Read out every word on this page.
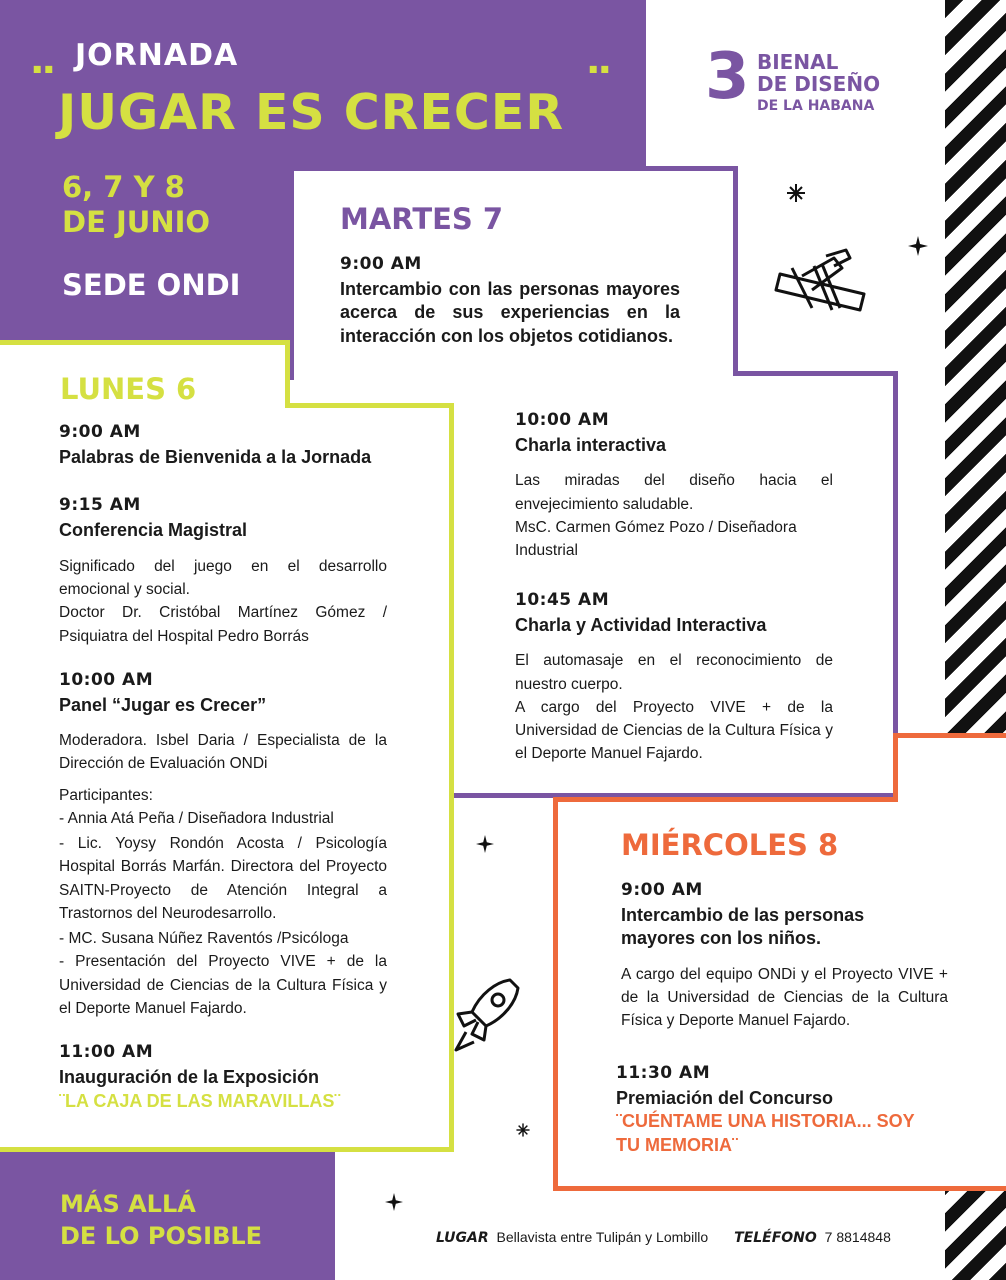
JORNADA
¨ JUGAR ES CRECER ¨
6, 7 Y 8
DE JUNIO
SEDE ONDI
3 BIENAL
DE DISEÑO
DE LA HABANA
MARTES 7

9:00 AM

Intercambio con las personas mayores acerca de sus experiencias en la interacción con los objetos cotidianos.

10:00 AM

Charla interactiva

Las miradas del diseño hacia el envejecimiento saludable.

MsC. Carmen Gómez Pozo / Diseñadora Industrial

10:45 AM

Charla y Actividad Interactiva

El automasaje en el reconocimiento de nuestro cuerpo.

A cargo del Proyecto VIVE + de la Universidad de Ciencias de la Cultura Física y el Deporte Manuel Fajardo.

LUNES 6

9:00 AM

Palabras de Bienvenida a la Jornada

9:15 AM

Conferencia Magistral

Significado del juego en el desarrollo emocional y social.

Doctor Dr. Cristóbal Martínez Gómez / Psiquiatra del Hospital Pedro Borrás

10:00 AM

Panel “Jugar es Crecer”

Moderadora. Isbel Daria / Especialista de la Dirección de Evaluación ONDi

Participantes:

- Annia Atá Peña / Diseñadora Industrial

- Lic. Yoysy Rondón Acosta / Psicología Hospital Borrás Marfán. Directora del Proyecto SAITN-Proyecto de Atención Integral a Trastornos del Neurodesarrollo.

- MC. Susana Núñez Raventós /Psicóloga

- Presentación del Proyecto VIVE + de la Universidad de Ciencias de la Cultura Física y el Deporte Manuel Fajardo.

11:00 AM

Inauguración de la Exposición

¨LA CAJA DE LAS MARAVILLAS¨

MIÉRCOLES 8

9:00 AM

Intercambio de las personas mayores con los niños.

A cargo del equipo ONDi y el Proyecto VIVE + de la Universidad de Ciencias de la Cultura Física y Deporte Manuel Fajardo.

11:30 AM

Premiación del Concurso

¨CUÉNTAME UNA HISTORIA... SOY TU MEMORIA¨

MÁS ALLÁ
DE LO POSIBLE	LUGAR Bellavista entre Tulipán y Lombillo TELÉFONO 7 8814848
